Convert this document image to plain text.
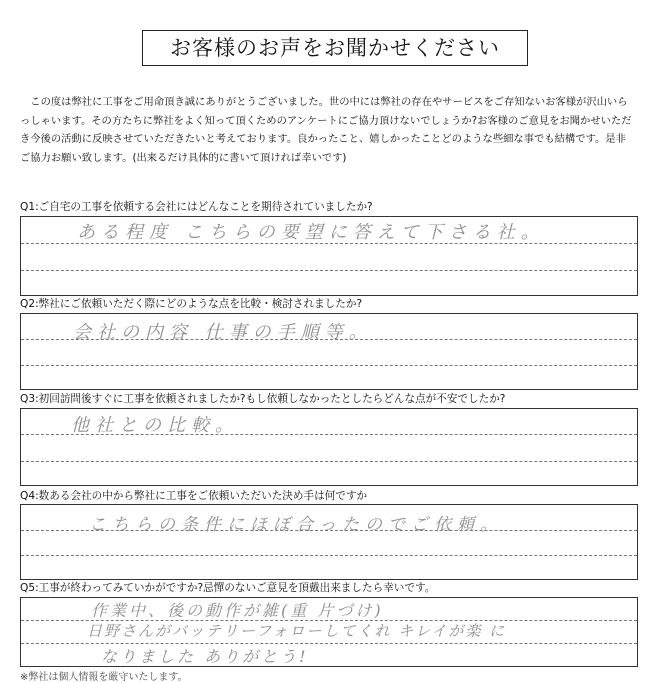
お客様のお声をお聞かせください

この度は弊社に工事をご用命頂き誠にありがとうございました。世の中には弊社の存在やサービスをご存知ないお客様が沢山いらっしゃいます。その方たちに弊社をよく知って頂くためのアンケートにご協力頂けないでしょうか?お客様のご意見をお聞かせいただき今後の活動に反映させていただきたいと考えております。良かったこと、嬉しかったことどのような些細な事でも結構です。是非ご協力お願い致します。(出来るだけ具体的に書いて頂ければ幸いです)

Q1:ご自宅の工事を依頼する会社にはどんなことを期待されていましたか?

ある程度 こちらの要望に答えて下さる社。

Q2:弊社にご依頼いただく際にどのような点を比較・検討されましたか?

会社の内容 仕事の手順等。

Q3:初回訪問後すぐに工事を依頼されましたか?もし依頼しなかったとしたらどんな点が不安でしたか?

他社との比較。

Q4:数ある会社の中から弊社に工事をご依頼いただいた決め手は何ですか

こちらの条件にほぼ合ったのでご依頼。

Q5:工事が終わってみていかがですか?忌憚のないご意見を頂戴出来ましたら幸いです。

作業中、後の動作が雑(重 片づけ)
日野さんがバッテリーフォローしてくれ キレイが楽 に
なりました ありがとう!
※弊社は個人情報を厳守いたします。
